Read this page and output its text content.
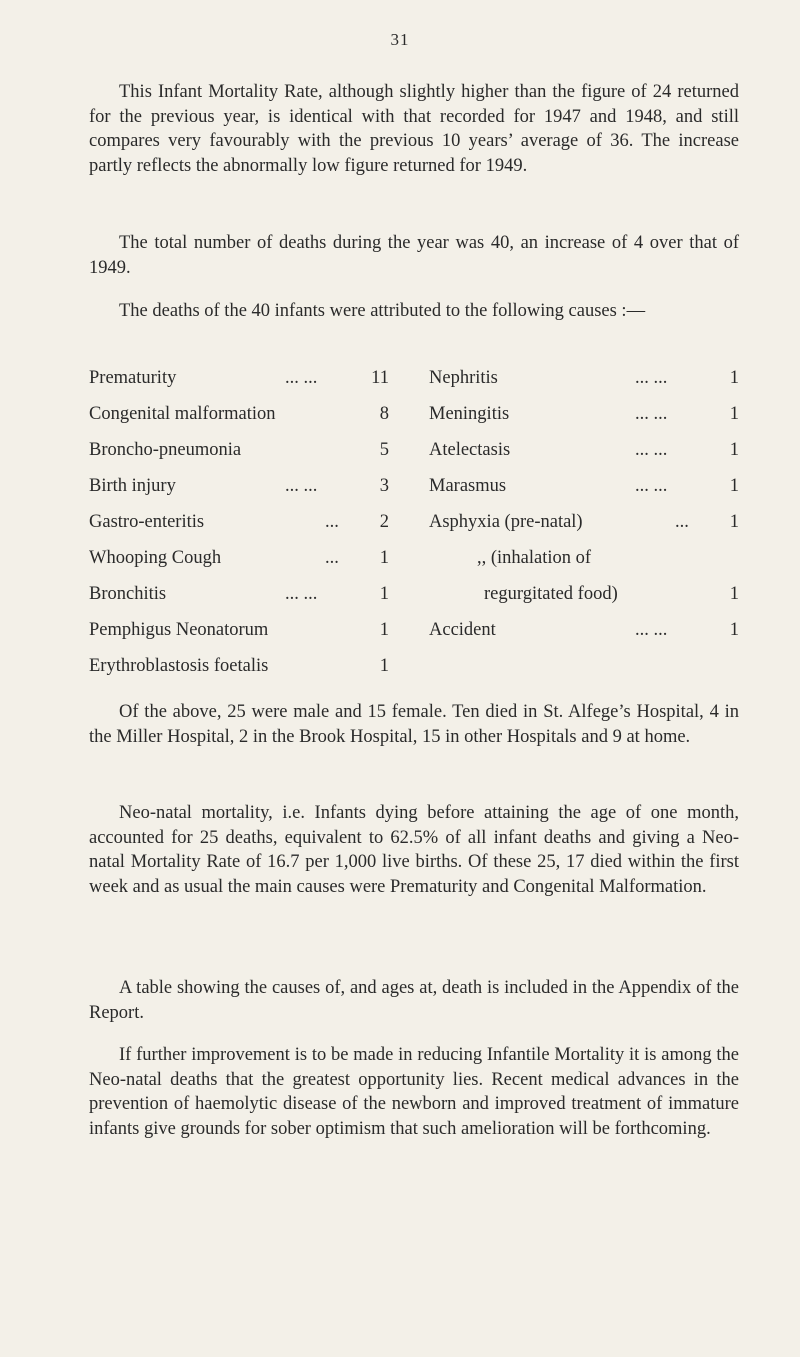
31

This Infant Mortality Rate, although slightly higher than the figure of 24 returned for the previous year, is identical with that recorded for 1947 and 1948, and still compares very favourably with the previous 10 years’ average of 36. The increase partly reflects the abnormally low figure returned for 1949.

The total number of deaths during the year was 40, an increase of 4 over that of 1949.

The deaths of the 40 infants were attributed to the following causes :—

Prematurity	... ...	11
Congenital malformation	8
Broncho-pneumonia	5
Birth injury	... ...	3
Gastro-enteritis	...	2
Whooping Cough	...	1
Bronchitis	... ...	1
Pemphigus Neonatorum	1
Erythroblastosis foetalis	1
Nephritis	... ...	1
Meningitis	... ...	1
Atelectasis	... ...	1
Marasmus	... ...	1
Asphyxia (pre-natal)	...	1
,, (inhalation of
regurgitated food)	1
Accident	... ...	1

Of the above, 25 were male and 15 female. Ten died in St. Alfege’s Hospital, 4 in the Miller Hospital, 2 in the Brook Hospital, 15 in other Hospitals and 9 at home.

Neo-natal mortality, i.e. Infants dying before attaining the age of one month, accounted for 25 deaths, equivalent to 62.5% of all infant deaths and giving a Neo-natal Mortality Rate of 16.7 per 1,000 live births. Of these 25, 17 died within the first week and as usual the main causes were Prematurity and Congenital Malformation.

A table showing the causes of, and ages at, death is included in the Appendix of the Report.

If further improvement is to be made in reducing Infantile Mortality it is among the Neo-natal deaths that the greatest opportunity lies. Recent medical advances in the prevention of haemolytic disease of the newborn and improved treatment of immature infants give grounds for sober optimism that such amelioration will be forthcoming.
